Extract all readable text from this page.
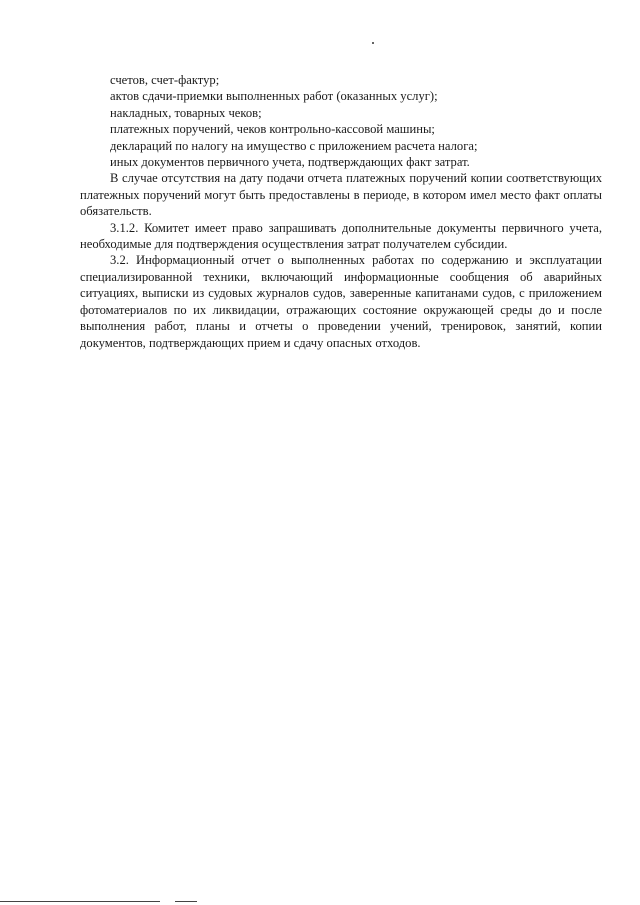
счетов, счет-фактур;
актов сдачи-приемки выполненных работ (оказанных услуг);
накладных, товарных чеков;
платежных поручений, чеков контрольно-кассовой машины;
деклараций по налогу на имущество с приложением расчета налога;
иных документов первичного учета, подтверждающих факт затрат.
В случае отсутствия на дату подачи отчета платежных поручений копии соответствующих платежных поручений могут быть предоставлены в периоде, в котором имел место факт оплаты обязательств.
3.1.2. Комитет имеет право запрашивать дополнительные документы первичного учета, необходимые для подтверждения осуществления затрат получателем субсидии.
3.2. Информационный отчет о выполненных работах по содержанию и эксплуатации специализированной техники, включающий информационные сообщения об аварийных ситуациях, выписки из судовых журналов судов, заверенные капитанами судов, с приложением фотоматериалов по их ликвидации, отражающих состояние окружающей среды до и после выполнения работ, планы и отчеты о проведении учений, тренировок, занятий, копии документов, подтверждающих прием и сдачу опасных отходов.
